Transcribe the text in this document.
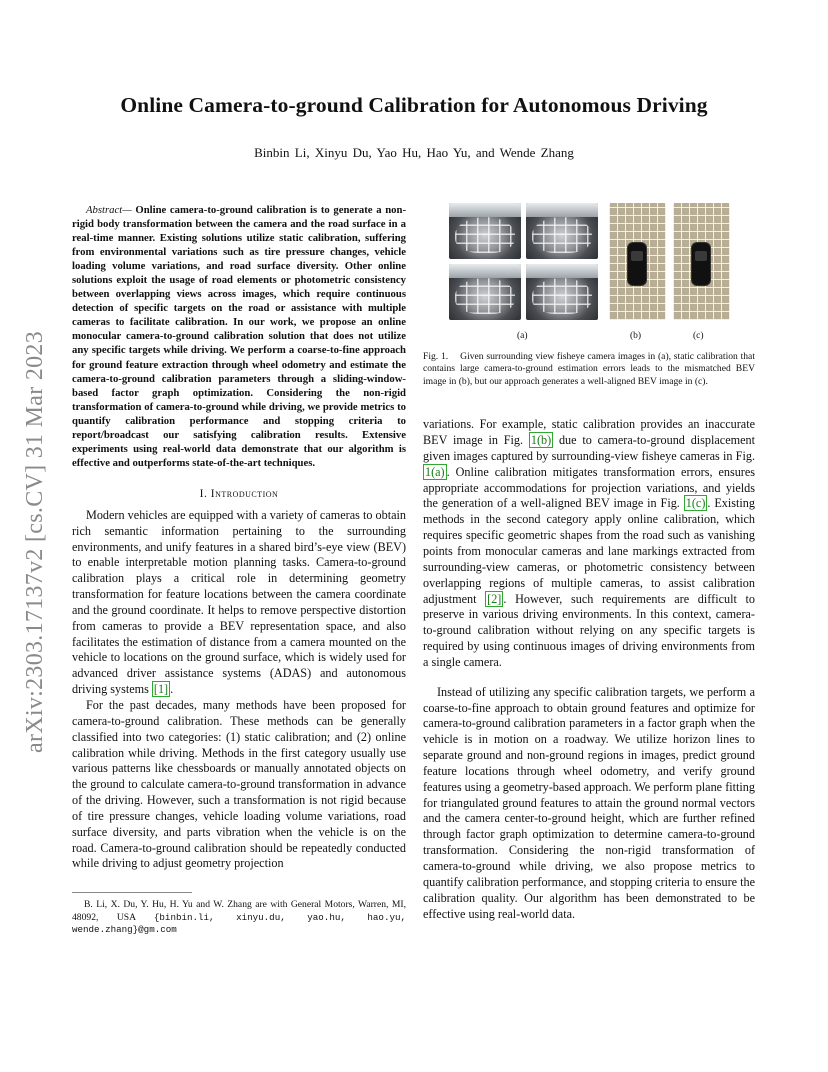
Online Camera-to-ground Calibration for Autonomous Driving
Binbin Li, Xinyu Du, Yao Hu, Hao Yu, and Wende Zhang
arXiv:2303.17137v2 [cs.CV] 31 Mar 2023

Abstract— Online camera-to-ground calibration is to generate a non-rigid body transformation between the camera and the road surface in a real-time manner. Existing solutions utilize static calibration, suffering from environmental variations such as tire pressure changes, vehicle loading volume variations, and road surface diversity. Other online solutions exploit the usage of road elements or photometric consistency between overlapping views across images, which require continuous detection of specific targets on the road or assistance with multiple cameras to facilitate calibration. In our work, we propose an online monocular camera-to-ground calibration solution that does not utilize any specific targets while driving. We perform a coarse-to-fine approach for ground feature extraction through wheel odometry and estimate the camera-to-ground calibration parameters through a sliding-window-based factor graph optimization. Considering the non-rigid transformation of camera-to-ground while driving, we provide metrics to quantify calibration performance and stopping criteria to report/broadcast our satisfying calibration results. Extensive experiments using real-world data demonstrate that our algorithm is effective and outperforms state-of-the-art techniques.

I. Introduction

Modern vehicles are equipped with a variety of cameras to obtain rich semantic information pertaining to the surrounding environments, and unify features in a shared bird’s-eye view (BEV) to enable interpretable motion planning tasks. Camera-to-ground calibration plays a critical role in determining geometry transformation for feature locations between the camera coordinate and the ground coordinate. It helps to remove perspective distortion from cameras to provide a BEV representation space, and also facilitates the estimation of distance from a camera mounted on the vehicle to locations on the ground surface, which is widely used for advanced driver assistance systems (ADAS) and autonomous driving systems [1] .

For the past decades, many methods have been proposed for camera-to-ground calibration. These methods can be generally classified into two categories: (1) static calibration; and (2) online calibration while driving. Methods in the first category usually use various patterns like chessboards or manually annotated objects on the ground to calculate camera-to-ground transformation in advance of the driving. However, such a transformation is not rigid because of tire pressure changes, vehicle loading volume variations, road surface diversity, and parts vibration when the vehicle is on the road. Camera-to-ground calibration should be repeatedly conducted while driving to adjust geometry projection

B. Li, X. Du, Y. Hu, H. Yu and W. Zhang are with General Motors, Warren, MI, 48092, USA {binbin.li, xinyu.du, yao.hu, hao.yu, wende.zhang}@gm.com

(a)	(b)	(c)

Fig. 1. Given surrounding view fisheye camera images in (a), static calibration that contains large camera-to-ground estimation errors leads to the mismatched BEV image in (b), but our approach generates a well-aligned BEV image in (c).

variations. For example, static calibration provides an inaccurate BEV image in Fig. 1(b) due to camera-to-ground displacement given images captured by surrounding-view fisheye cameras in Fig. 1(a) . Online calibration mitigates transformation errors, ensures appropriate accommodations for projection variations, and yields the generation of a well-aligned BEV image in Fig. 1(c) . Existing methods in the second category apply online calibration, which requires specific geometric shapes from the road such as vanishing points from monocular cameras and lane markings extracted from surrounding-view cameras, or photometric consistency between overlapping regions of multiple cameras, to assist calibration adjustment [2] . However, such requirements are difficult to preserve in various driving environments. In this context, camera-to-ground calibration without relying on any specific targets is required by using continuous images of driving environments from a single camera.

Instead of utilizing any specific calibration targets, we perform a coarse-to-fine approach to obtain ground features and optimize for camera-to-ground calibration parameters in a factor graph when the vehicle is in motion on a roadway. We utilize horizon lines to separate ground and non-ground regions in images, predict ground feature locations through wheel odometry, and verify ground features using a geometry-based approach. We perform plane fitting for triangulated ground features to attain the ground normal vectors and the camera center-to-ground height, which are further refined through factor graph optimization to determine camera-to-ground transformation. Considering the non-rigid transformation of camera-to-ground while driving, we also propose metrics to quantify calibration performance, and stopping criteria to ensure the calibration quality. Our algorithm has been demonstrated to be effective using real-world data.
